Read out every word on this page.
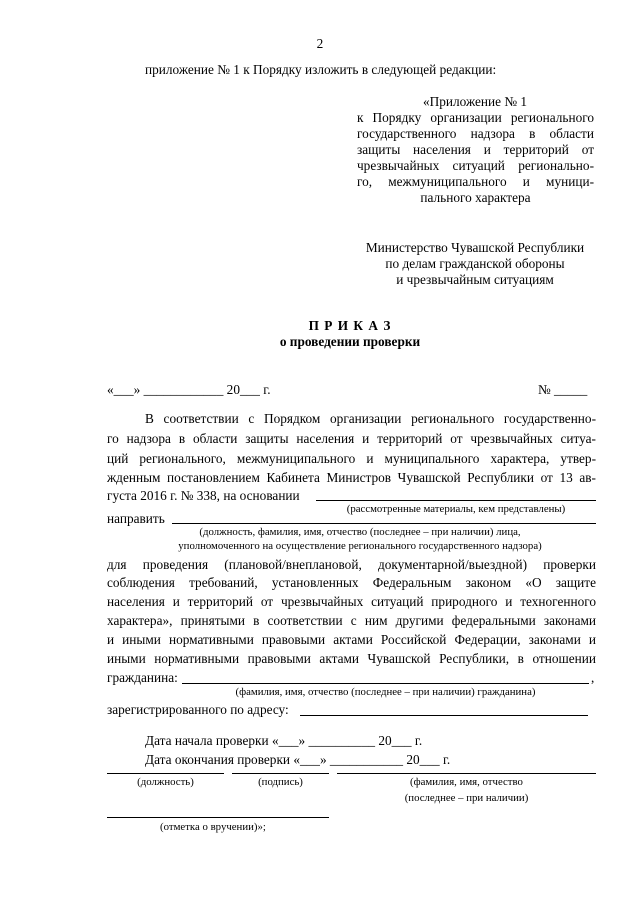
2
приложение № 1 к Порядку изложить в следующей редакции:
«Приложение № 1
к Порядку организации регионального
государственного надзора в области
защиты населения и территорий от
чрезвычайных ситуаций регионально-
го, межмуниципального и муници-
пального характера
Министерство Чувашской Республики
по делам гражданской обороны
и чрезвычайным ситуациям
П Р И К А З
о проведении проверки
«___» ____________ 20___ г.	№ _____
В соответствии с Порядком организации регионального государственно-
го надзора в области защиты населения и территорий от чрезвычайных ситуа-
ций регионального, межмуниципального и муниципального характера, утвер-
жденным постановлением Кабинета Министров Чувашской Республики от 13 ав-
густа 2016 г. № 338, на основании
(рассмотренные материалы, кем представлены)
направить
(должность, фамилия, имя, отчество (последнее – при наличии) лица,
уполномоченного на осуществление регионального государственного надзора)
для проведения (плановой/внеплановой, документарной/выездной) проверки
соблюдения требований, установленных Федеральным законом «О защите
населения и территорий от чрезвычайных ситуаций природного и техногенного
характера», принятыми в соответствии с ним другими федеральными законами
и иными нормативными правовыми актами Российской Федерации, законами и
иными нормативными правовыми актами Чувашской Республики, в отношении
гражданина:	,
(фамилия, имя, отчество (последнее – при наличии) гражданина)
зарегистрированного по адресу:
Дата начала проверки «___» __________ 20___ г.
Дата окончания проверки «___» ___________ 20___ г.
(должность)	(подпись)	(фамилия, имя, отчество
(последнее – при наличии)
(отметка о вручении)»;
